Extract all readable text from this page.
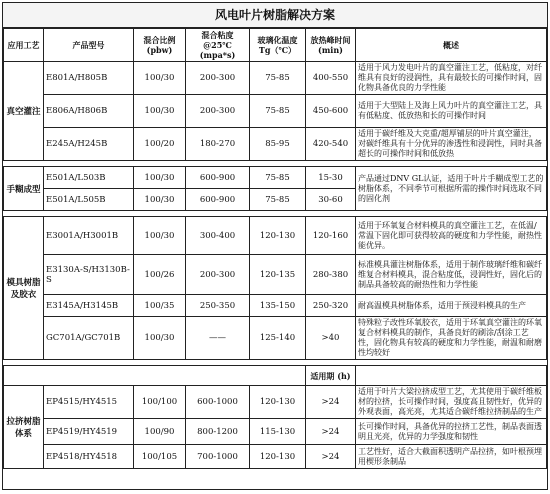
风电叶片树脂解决方案
应用工艺	产品型号	混合比例 (pbw)	混合粘度@25℃ (mpa*s)	玻璃化温度 Tg（℃）	放热峰时间 (min)	概述
真空灌注	E801A/H805B	100/30	200-300	75-85	400-550	适用于风力发电叶片的真空灌注工艺，低粘度，对纤维具有良好的浸润性，具有最较长的可操作时间，固化物具备优良的力学性能
	E806A/H806B	100/30	200-300	75-85	450-600	适用于大型陆上及海上风力叶片的真空灌注工艺，具有低粘度、低放热和长的可操作时间
	E245A/H245B	100/20	180-270	85-95	420-540	适用于碳纤维及大克重/超厚铺层的叶片真空灌注，对碳纤维具有十分优异的渗透性和浸润性，同时具备超长的可操作时间和低放热

手糊成型	E501A/L503B	100/30	600-900	75-85	15-30	产品通过DNV GL认证，适用于叶片手糊成型工艺的树脂体系，不同季节可根据所需的操作时间选取不同的固化剂
	E501A/L505B	100/30	600-900	75-85	30-60	

模具树脂及胶衣	E3001A/H3001B	100/30	300-400	120-130	120-160	适用于环氧复合材料模具的真空灌注工艺，在低温/常温下固化即可获得较高的硬度和力学性能，耐热性能优异。
	E3130A-S/H3130B-S	100/26	200-300	120-135	280-380	标准模具灌注树脂体系，适用于制作玻璃纤维和碳纤维复合材料模具，混合粘度低，浸润性好，固化后的制品具备较高的耐热性和力学性能
	E3145A/H3145B	100/35	250-350	135-150	250-320	耐高温模具树脂体系，适用于预浸料模具的生产
	GC701A/GC701B	100/30	——	125-140	>40	特殊粒子改性环氧胶衣，适用于环氧真空灌注的环氧复合材料模具的制作，具备良好的刷涂/刮涂工艺性，固化物具有较高的硬度和力学性能，耐温和耐磨性均较好

					适用期 (h)	
拉挤树脂体系	EP4515/HY4515	100/100	600-1000	120-130	>24	适用于叶片大梁拉挤成型工艺，尤其使用于碳纤维板材的拉挤，长可操作时间，强度高且韧性好，优异的外观表面，高光亮，尤其适合碳纤维拉挤制品的生产
	EP4519/HY4519	100/90	800-1200	115-130	>24	长可操作时间，具备优异的拉挤工艺性，制品表面透明且光亮，优异的力学强度和韧性
	EP4518/HY4518	100/105	700-1000	120-130	>24	工艺性好，适合大截面积透明产品拉挤，如叶根预埋用楔形条制品
